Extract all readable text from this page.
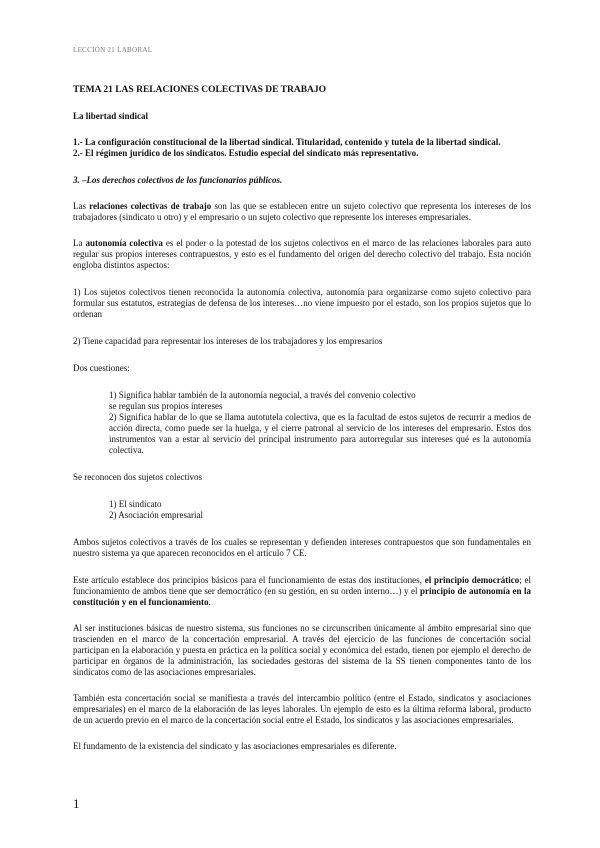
LECCIÓN 21 LABORAL

TEMA 21 LAS RELACIONES COLECTIVAS DE TRABAJO

La libertad sindical

1.- La configuración constitucional de la libertad sindical. Titularidad, contenido y tutela de la libertad sindical.

2.- El régimen jurídico de los sindicatos. Estudio especial del sindicato más representativo.

3. –Los derechos colectivos de los funcionarios públicos.

Las relaciones colectivas de trabajo son las que se establecen entre un sujeto colectivo que representa los intereses de los trabajadores (sindicato u otro) y el empresario o un sujeto colectivo que represente los intereses empresariales.

La autonomía colectiva es el poder o la potestad de los sujetos colectivos en el marco de las relaciones laborales para auto regular sus propios intereses contrapuestos, y esto es el fundamento del origen del derecho colectivo del trabajo. Esta noción engloba distintos aspectos:

1) Los sujetos colectivos tienen reconocida la autonomía colectiva, autonomía para organizarse como sujeto colectivo para formular sus estatutos, estrategias de defensa de los intereses…no viene impuesto por el estado, son los propios sujetos que lo ordenan

2) Tiene capacidad para representar los intereses de los trabajadores y los empresarios

Dos cuestiones:

1) Significa hablar también de la autonomía negocial, a través del convenio colectivo

se regulan sus propios intereses

2) Significa hablar de lo que se llama autotutela colectiva, que es la facultad de estos sujetos de recurrir a medios de acción directa, como puede ser la huelga, y el cierre patronal al servicio de los intereses del empresario. Estos dos instrumentos van a estar al servicio del principal instrumento para autorregular sus intereses qué es la autonomía colectiva.

Se reconocen dos sujetos colectivos

1) El sindicato

2) Asociación empresarial

Ambos sujetos colectivos a través de los cuales se representan y defienden intereses contrapuestos que son fundamentales en nuestro sistema ya que aparecen reconocidos en el artículo 7 CE.

Este artículo establece dos principios básicos para el funcionamiento de estas dos instituciones, el principio democrático; el funcionamiento de ambos tiene que ser democrático (en su gestión, en su orden interno…) y el principio de autonomía en la constitución y en el funcionamiento.

Al ser instituciones básicas de nuestro sistema, sus funciones no se circunscriben únicamente al ámbito empresarial sino que trascienden en el marco de la concertación empresarial. A través del ejercicio de las funciones de concertación social participan en la elaboración y puesta en práctica en la política social y económica del estado, tienen por ejemplo el derecho de participar en órganos de la administración, las sociedades gestoras del sistema de la SS tienen componentes tanto de los sindicatos como de las asociaciones empresariales.

También esta concertación social se manifiesta a través del intercambio político (entre el Estado, sindicatos y asociaciones empresariales) en el marco de la elaboración de las leyes laborales. Un ejemplo de esto es la última reforma laboral, producto de un acuerdo previo en el marco de la concertación social entre el Estado, los sindicatos y las asociaciones empresariales.

El fundamento de la existencia del sindicato y las asociaciones empresariales es diferente.

1
